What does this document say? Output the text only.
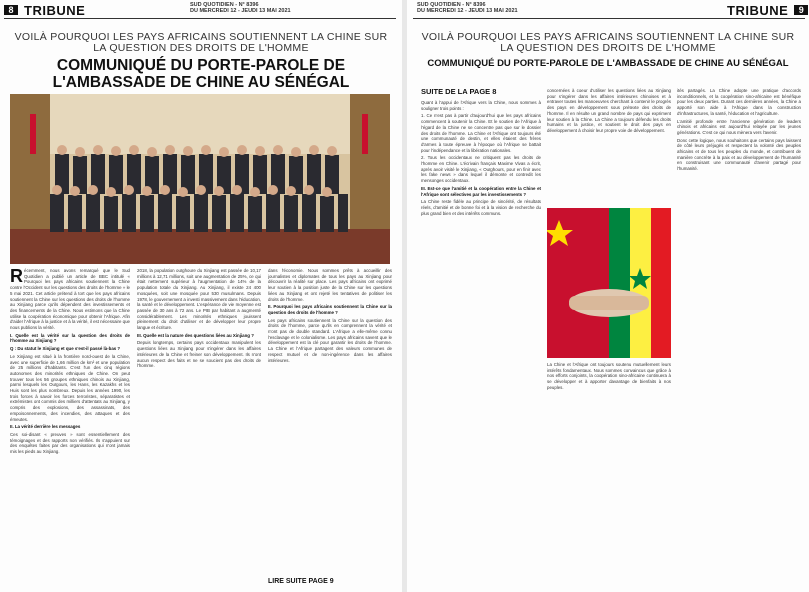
8 TRIBUNE	SUD QUOTIDIEN - N° 8396
DU MERCREDI 12 - JEUDI 13 MAI 2021
VOILÀ POURQUOI LES PAYS AFRICAINS SOUTIENNENT LA CHINE SUR LA QUESTION DES DROITS DE L'HOMME
COMMUNIQUÉ DU PORTE-PAROLE DE
L'AMBASSADE DE CHINE AU SÉNÉGAL

Récemment, nous avons remarqué que le Sud Quotidien a publié un article de BBC intitulé « Pourquoi les pays africains soutiennent la Chine contre l'Occident sur les questions des droits de l'homme » le 5 mai 2021. Cet article prétend à tort que les pays africains soutiennent la Chine sur les questions des droits de l'homme au Xinjiang parce qu'ils dépendent des investissements et des financements de la Chine. Nous estimons que la Chine utilise la coopération économique pour obtenir l'Afrique. Afin d'aider l'Afrique à la justice et à la vérité, il est nécessaire que nous publions la vérité.

I. Quelle est la vérité sur la question des droits de l'homme au Xinjiang ?

Q : Du statut le Xinjiang et que s'est-il passé là-bas ?

Le Xinjiang est situé à la frontière nord-ouest de la Chine, avec une superficie de 1,66 million de km² et une population de 25 millions d'habitants. C'est l'un des cinq régions autonomes des minorités ethniques de Chine. On peut trouver tous les 56 groupes ethniques chinois au Xinjiang, parmi lesquels les Ouïgours, les Hans, les Kazakhs et les Huis sont les plus nombreux. Depuis les années 1990, les trois forces à savoir les forces terroristes, séparatistes et extrémistes ont commis des milliers d'attentats au Xinjiang, y compris des explosions, des assassinats, des empoisonnements, des incendies, des attaques et des émeutes.

II. La vérité derrière les messages

Ces soi-disant « preuves » sont essentiellement des témoignages et des rapports non vérifiés. Ils s'appuient sur des enquêtes faites par des organisations qui n'ont jamais mis les pieds au Xinjiang.

2018, la population ouïghoure du Xinjiang est passée de 10,17 millions à 12,71 millions, soit une augmentation de 25%, ce qui était nettement supérieur à l'augmentation de 14% de la population totale du Xinjiang. Au Xinjiang, il existe 24 400 mosquées, soit une mosquée pour 530 musulmans. Depuis 1978, le gouvernement a investi massivement dans l'éducation, la santé et le développement. L'espérance de vie moyenne est passée de 30 ans à 72 ans. Le PIB par habitant a augmenté considérablement. Les minorités ethniques jouissent pleinement du droit d'utiliser et de développer leur propre langue et écriture.

III. Quelle est la nature des questions liées au Xinjiang ?

Depuis longtemps, certains pays occidentaux manipulent les questions liées au Xinjiang pour s'ingérer dans les affaires intérieures de la Chine et freiner son développement. Ils n'ont aucun respect des faits et ne se soucient pas des droits de l'homme.

dans l'économie. Nous sommes prêts à accueillir des journalistes et diplomates de tous les pays au Xinjiang pour découvrir la réalité sur place. Les pays africains ont exprimé leur soutien à la position juste de la Chine sur les questions liées au Xinjiang et ont rejeté les tentatives de politiser les droits de l'homme.

II. Pourquoi les pays africains soutiennent la Chine sur la question des droits de l'homme ?

Les pays africains soutiennent la Chine sur la question des droits de l'homme, parce qu'ils en comprennent la vérité et n'ont pas de double standard. L'Afrique a elle-même connu l'esclavage et le colonialisme. Les pays africains savent que le développement est la clé pour garantir les droits de l'homme. La Chine et l'Afrique partagent des valeurs communes de respect mutuel et de non-ingérence dans les affaires intérieures.

LIRE SUITE PAGE 9
SUD QUOTIDIEN - N° 8396
DU MERCREDI 12 - JEUDI 13 MAI 2021	TRIBUNE	9
VOILÀ POURQUOI LES PAYS AFRICAINS SOUTIENNENT LA CHINE SUR LA QUESTION DES DROITS DE L'HOMME
COMMUNIQUÉ DU PORTE-PAROLE DE L'AMBASSADE DE CHINE AU SÉNÉGAL
SUITE DE LA PAGE 8

Quant à l'appui de l'Afrique vers la Chine, nous sommes à souligner trois points :

1. Ce n'est pas à partir d'aujourd'hui que les pays africains commencent à soutenir la Chine. Et le soutien de l'Afrique à l'égard de la Chine ne se concentre pas que sur le dossier des droits de l'homme. La Chine et l'Afrique ont toujours été une communauté de destin, et elles étaient des frères d'armes à toute épreuve à l'époque où l'Afrique se battait pour l'indépendance et la libération nationales.

2. Tous les occidentaux ne critiquent pas les droits de l'homme en Chine. L'écrivain français Maxime Vivas a écrit, après avoir visité le Xinjiang, « Ouïghours, pour en finir avec les fake news » dans lequel il démonte et contredit les mensonges occidentaux.

III. Est-ce que l'amitié et la coopération entre la Chine et l'Afrique sont sélectives par les investissements ?

La Chine reste fidèle au principe de sincérité, de résultats réels, d'amitié et de bonne foi et à la vision de recherche du plus grand bien et des intérêts communs.

concernées à coeur d'utiliser les questions liées au Xinjiang pour s'ingérer dans les affaires intérieures chinoises et à entraver toutes les manoeuvres cherchant à contenir le progrès des pays en développement sous prétexte des droits de l'homme. Il en résulte un grand nombre de pays qui expriment leur soutien à la Chine. La Chine a toujours défendu les droits humains et la justice, et soutient le droit des pays en développement à choisir leur propre voie de développement.

La Chine et l'Afrique ont toujours soutenu mutuellement leurs intérêts fondamentaux. Nous sommes convaincus que grâce à nos efforts conjoints, la coopération sino-africaine continuera à se développer et à apporter davantage de bienfaits à nos peuples.

ités partagés. La Chine adopte une pratique d'accords inconditionnels, et la coopération sino-africaine est bénéfique pour les deux parties. Durant ces dernières années, la Chine a apporté son aide à l'Afrique dans la construction d'infrastructures, la santé, l'éducation et l'agriculture.

L'amitié profonde entre l'ancienne génération de leaders chinois et africains est aujourd'hui relayée par les jeunes générations. C'est ce qui nous mènera vers l'avenir.

Donc cette logique, nous souhaitons que certains pays laissent de côté leurs préjugés et respectent la volonté des peuples africains et de tous les peuples du monde, et contribuent de manière concrète à la paix et au développement de l'humanité en construisant une communauté d'avenir partagé pour l'humanité.
